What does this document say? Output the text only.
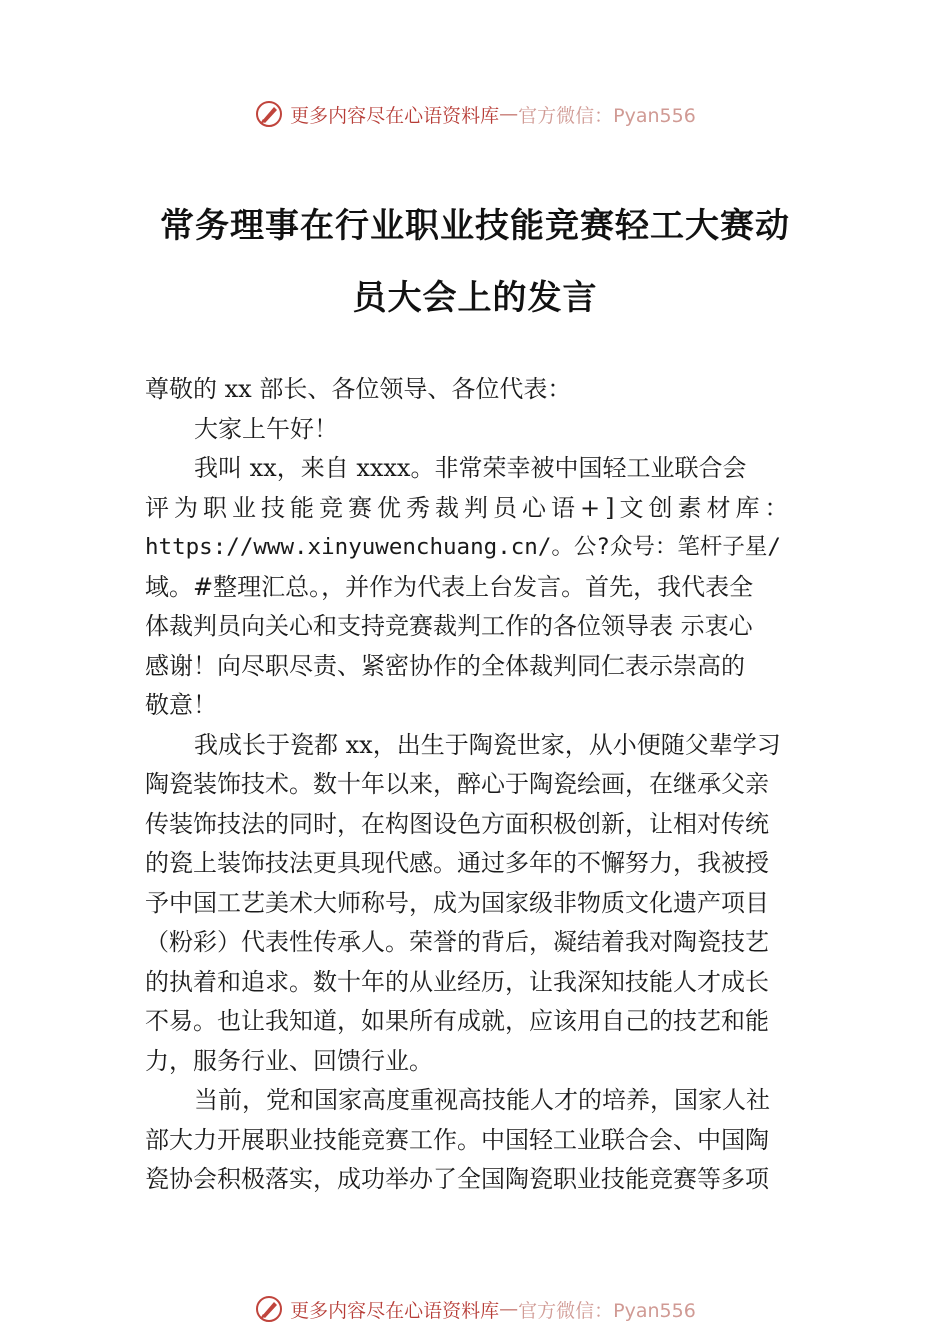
更多内容尽在心语资料库 — 官方微信：Pyan556
常务理事在行业职业技能竞赛轻工大赛动
员大会上的发言

尊敬的 xx 部长、各位领导、各位代表：

大家上午好！

我叫 xx，来自 xxxx。非常荣幸被中国轻工业联合会

评为职业技能竞赛优秀裁判员心语+]文创素材库：

https://www.xinyuwenchuang.cn/。公?众号：笔杆子星/

域。#整理汇总。，并作为代表上台发言。首先，我代表全

体裁判员向关心和支持竞赛裁判工作的各位领导表 示衷心

感谢！向尽职尽责、紧密协作的全体裁判同仁表示崇高的

敬意！

我成长于瓷都 xx，出生于陶瓷世家，从小便随父辈学习

陶瓷装饰技术。数十年以来，醉心于陶瓷绘画，在继承父亲

传装饰技法的同时，在构图设色方面积极创新，让相对传统

的瓷上装饰技法更具现代感。通过多年的不懈努力，我被授

予中国工艺美术大师称号，成为国家级非物质文化遗产项目

（粉彩）代表性传承人。荣誉的背后，凝结着我对陶瓷技艺

的执着和追求。数十年的从业经历，让我深知技能人才成长

不易。也让我知道，如果所有成就，应该用自己的技艺和能

力，服务行业、回馈行业。

当前，党和国家高度重视高技能人才的培养，国家人社

部大力开展职业技能竞赛工作。中国轻工业联合会、中国陶

瓷协会积极落实，成功举办了全国陶瓷职业技能竞赛等多项

更多内容尽在心语资料库 — 官方微信：Pyan556
